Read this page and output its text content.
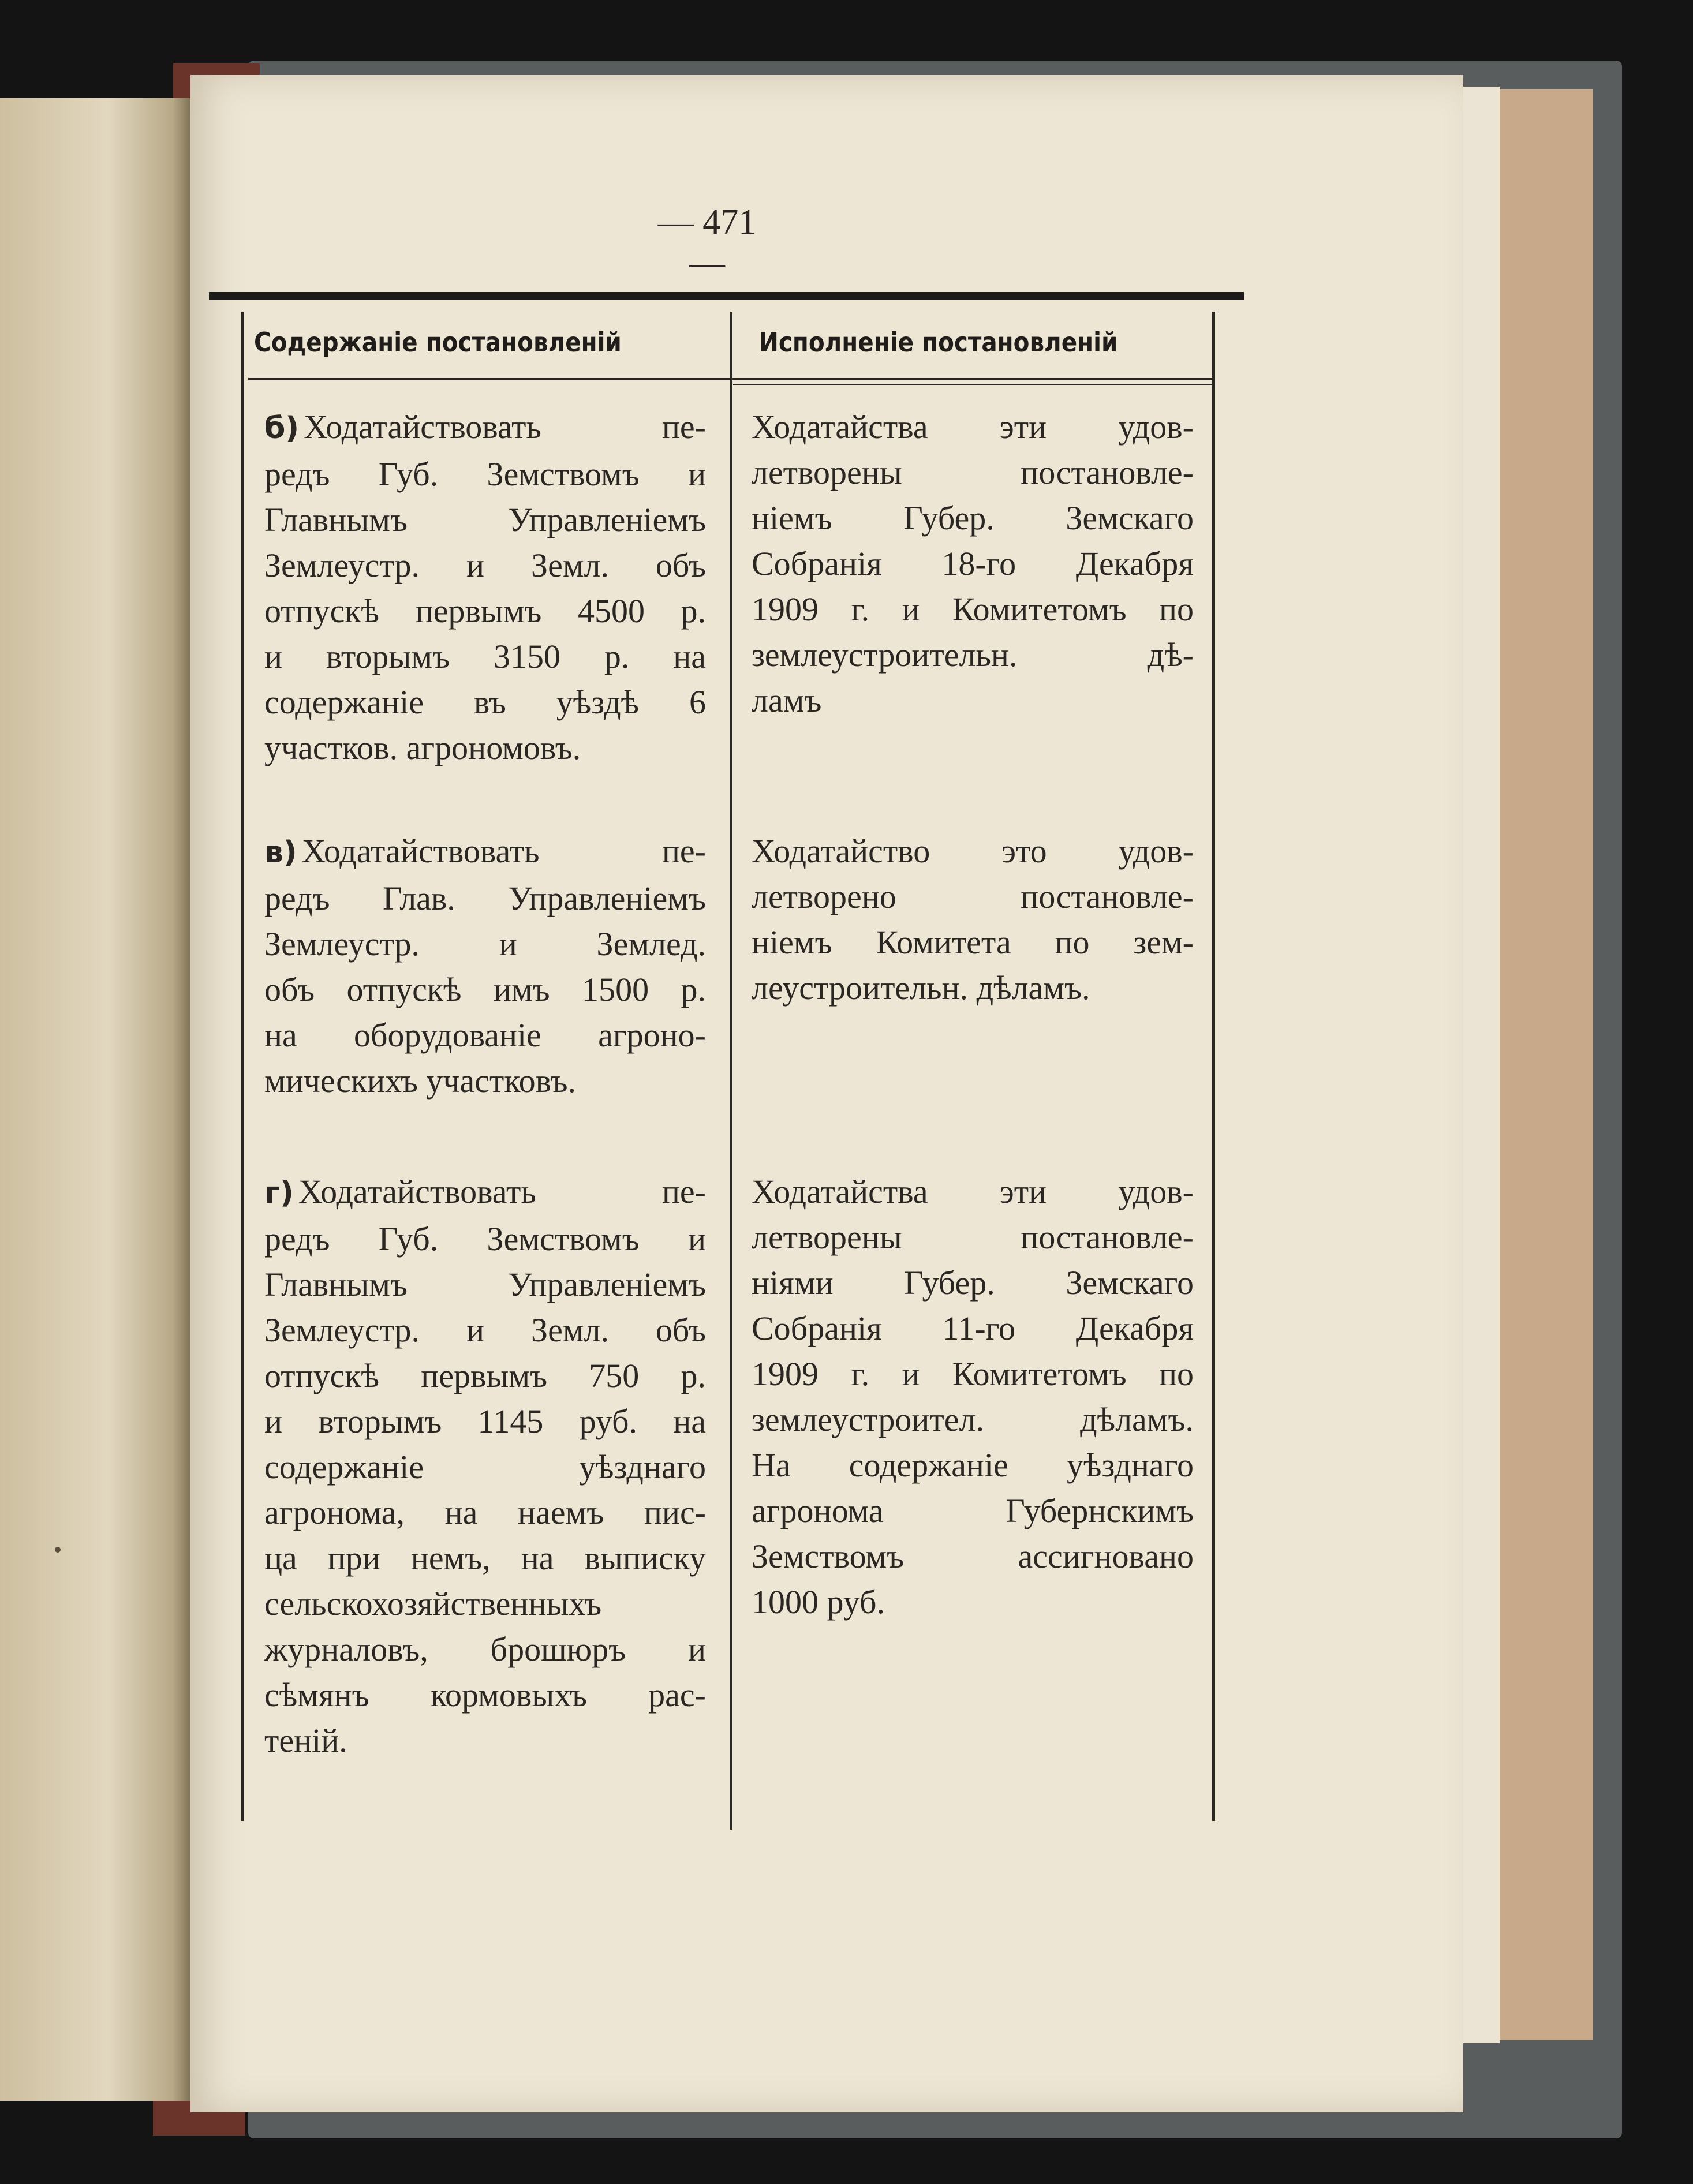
— 471 —
Содержаніе постановленій	Исполненіе постановленій
б) Ходатайствовать пе-
редъ Губ. Земствомъ и
Главнымъ Управленіемъ
Землеустр. и Земл. объ
отпускѣ первымъ 4500 р.
и вторымъ 3150 р. на
содержаніе въ уѣздѣ 6
участков. агрономовъ.
в) Ходатайствовать пе-
редъ Глав. Управленіемъ
Землеустр. и Землед.
объ отпускѣ имъ 1500 р.
на оборудованіе агроно-
мическихъ участковъ.
г) Ходатайствовать пе-
редъ Губ. Земствомъ и
Главнымъ Управленіемъ
Землеустр. и Земл. объ
отпускѣ первымъ 750 р.
и вторымъ 1145 руб. на
содержаніе уѣзднаго
агронома, на наемъ пис-
ца при немъ, на выписку
сельскохозяйственныхъ
журналовъ, брошюръ и
сѣмянъ кормовыхъ рас-
теній.
Ходатайства эти удов-
летворены постановле-
ніемъ Губер. Земскаго
Собранія 18-го Декабря
1909 г. и Комитетомъ по
землеустроительн. дѣ-
ламъ
Ходатайство это удов-
летворено постановле-
ніемъ Комитета по зем-
леустроительн. дѣламъ.
Ходатайства эти удов-
летворены постановле-
ніями Губер. Земскаго
Собранія 11-го Декабря
1909 г. и Комитетомъ по
землеустроител. дѣламъ.
На содержаніе уѣзднаго
агронома Губернскимъ
Земствомъ ассигновано
1000 руб.
